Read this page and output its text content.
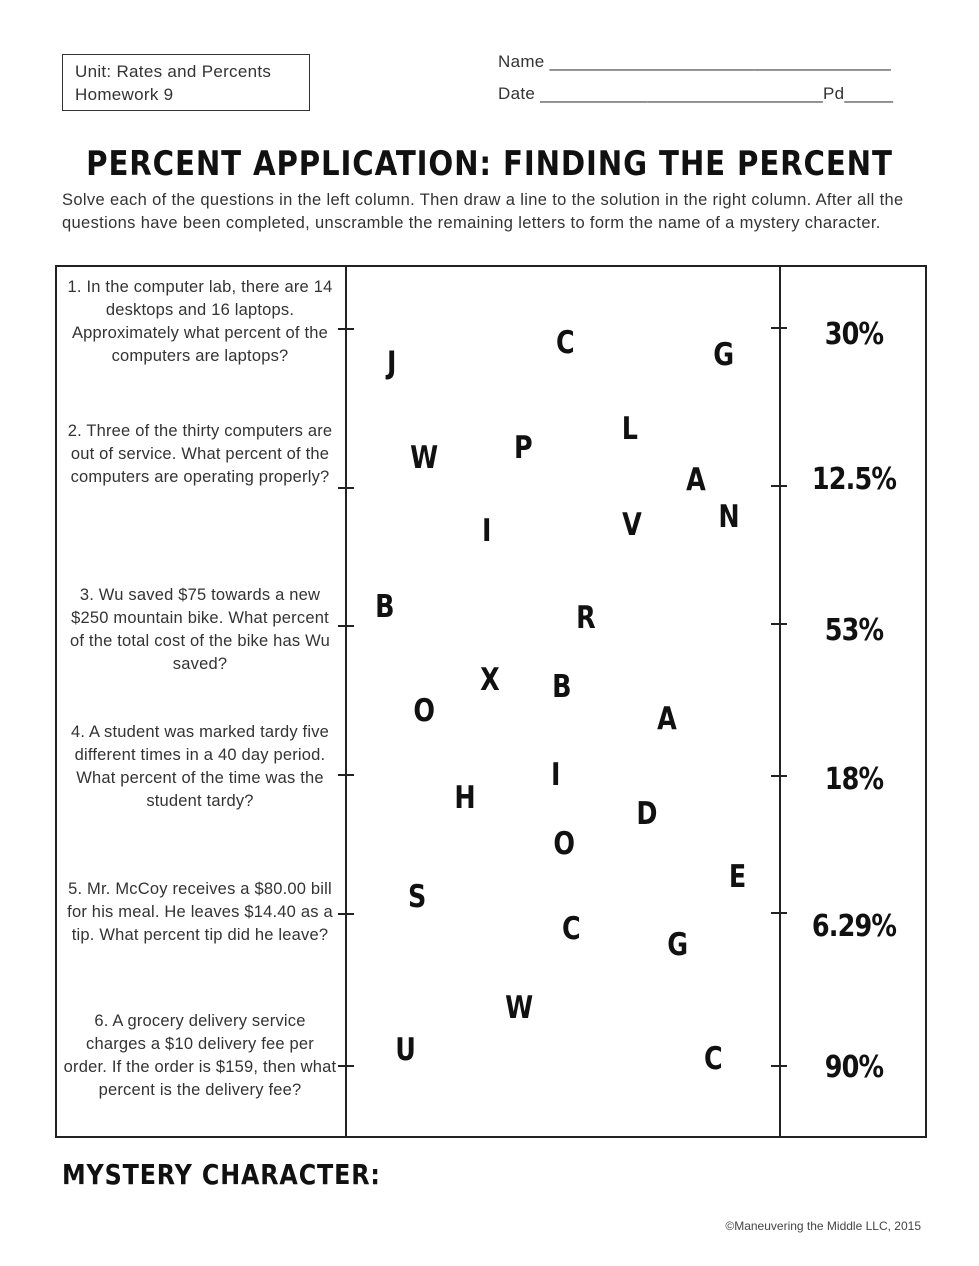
Unit: Rates and Percents
Homework 9
Name ___________________________________
Date _____________________________Pd_____
PERCENT APPLICATION: FINDING THE PERCENT
Solve each of the questions in the left column. Then draw a line to the solution in the right column. After all the questions have been completed, unscramble the remaining letters to form the name of a mystery character.
1. In the computer lab, there are 14 desktops and 16 laptops. Approximately what percent of the computers are laptops?
2. Three of the thirty computers are out of service. What percent of the computers are operating properly?
3. Wu saved $75 towards a new $250 mountain bike. What percent of the total cost of the bike has Wu saved?
4. A student was marked tardy five different times in a 40 day period. What percent of the time was the student tardy?
5. Mr. McCoy receives a $80.00 bill for his meal. He leaves $14.40 as a tip. What percent tip did he leave?
6. A grocery delivery service charges a $10 delivery fee per order. If the order is $159, then what percent is the delivery fee?
J
C	G
W P
L
A
N
I	V
B	R
X B
O	A
I
H	D
O
E
S
C	G
W
U	C
30%
12.5%
53%
18%
6.29%
90%
MYSTERY CHARACTER:
©Maneuvering the Middle LLC, 2015
